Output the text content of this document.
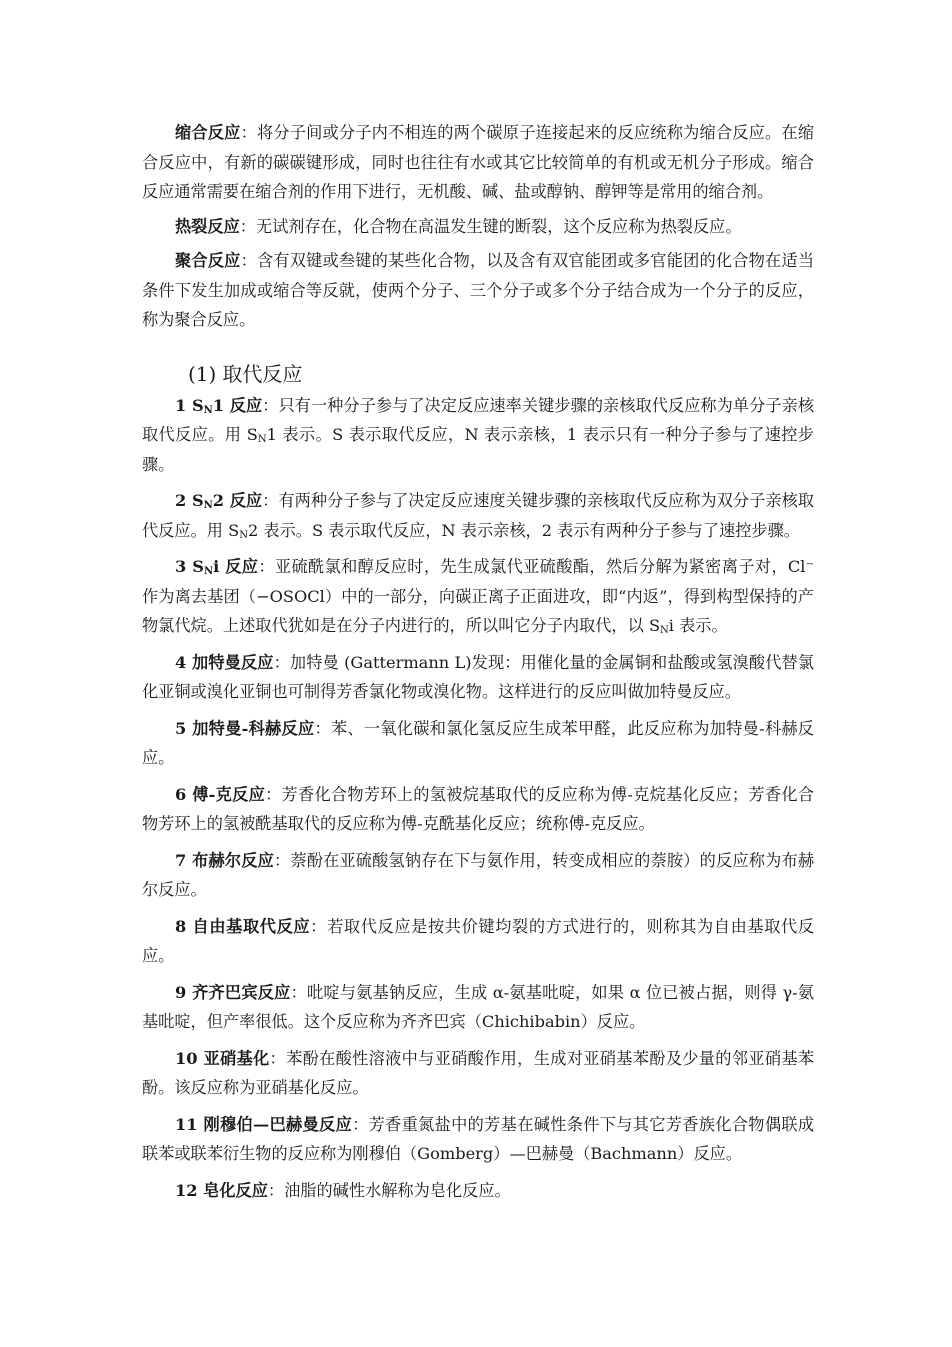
缩合反应：将分子间或分子内不相连的两个碳原子连接起来的反应统称为缩合反应。在缩合反应中，有新的碳碳键形成，同时也往往有水或其它比较简单的有机或无机分子形成。缩合反应通常需要在缩合剂的作用下进行，无机酸、碱、盐或醇钠、醇钾等是常用的缩合剂。

热裂反应：无试剂存在，化合物在高温发生键的断裂，这个反应称为热裂反应。

聚合反应：含有双键或叁键的某些化合物，以及含有双官能团或多官能团的化合物在适当条件下发生加成或缩合等反就，使两个分子、三个分子或多个分子结合成为一个分子的反应，称为聚合反应。

(1) 取代反应

1 $S_N1$ 反应：只有一种分子参与了决定反应速率关键步骤的亲核取代反应称为单分子亲核取代反应。用 $S_N1$ 表示。S 表示取代反应，N 表示亲核，1 表示只有一种分子参与了速控步骤。

2 $S_N2$ 反应：有两种分子参与了决定反应速度关键步骤的亲核取代反应称为双分子亲核取代反应。用 $S_N2$ 表示。S 表示取代反应，N 表示亲核，2 表示有两种分子参与了速控步骤。

3 $S_Ni$ 反应：亚硫酰氯和醇反应时，先生成氯代亚硫酸酯，然后分解为紧密离子对，Cl⁻作为离去基团（−OSOCl）中的一部分，向碳正离子正面进攻，即“内返”，得到构型保持的产物氯代烷。上述取代犹如是在分子内进行的，所以叫它分子内取代，以 $S_Ni$ 表示。

4 加特曼反应：加特曼 (Gattermann L)发现：用催化量的金属铜和盐酸或氢溴酸代替氯化亚铜或溴化亚铜也可制得芳香氯化物或溴化物。这样进行的反应叫做加特曼反应。

5 加特曼-科赫反应：苯、一氧化碳和氯化氢反应生成苯甲醛，此反应称为加特曼-科赫反应。

6 傅-克反应：芳香化合物芳环上的氢被烷基取代的反应称为傅-克烷基化反应；芳香化合物芳环上的氢被酰基取代的反应称为傅-克酰基化反应；统称傅-克反应。

7 布赫尔反应：萘酚在亚硫酸氢钠存在下与氨作用，转变成相应的萘胺）的反应称为布赫尔反应。

8 自由基取代反应：若取代反应是按共价键均裂的方式进行的，则称其为自由基取代反应。

9 齐齐巴宾反应：吡啶与氨基钠反应，生成 α-氨基吡啶，如果 α 位已被占据，则得 γ-氨基吡啶，但产率很低。这个反应称为齐齐巴宾（Chichibabin）反应。

10 亚硝基化：苯酚在酸性溶液中与亚硝酸作用，生成对亚硝基苯酚及少量的邻亚硝基苯酚。该反应称为亚硝基化反应。

11 刚穆伯—巴赫曼反应：芳香重氮盐中的芳基在碱性条件下与其它芳香族化合物偶联成联苯或联苯衍生物的反应称为刚穆伯（Gomberg）—巴赫曼（Bachmann）反应。

12 皂化反应：油脂的碱性水解称为皂化反应。
